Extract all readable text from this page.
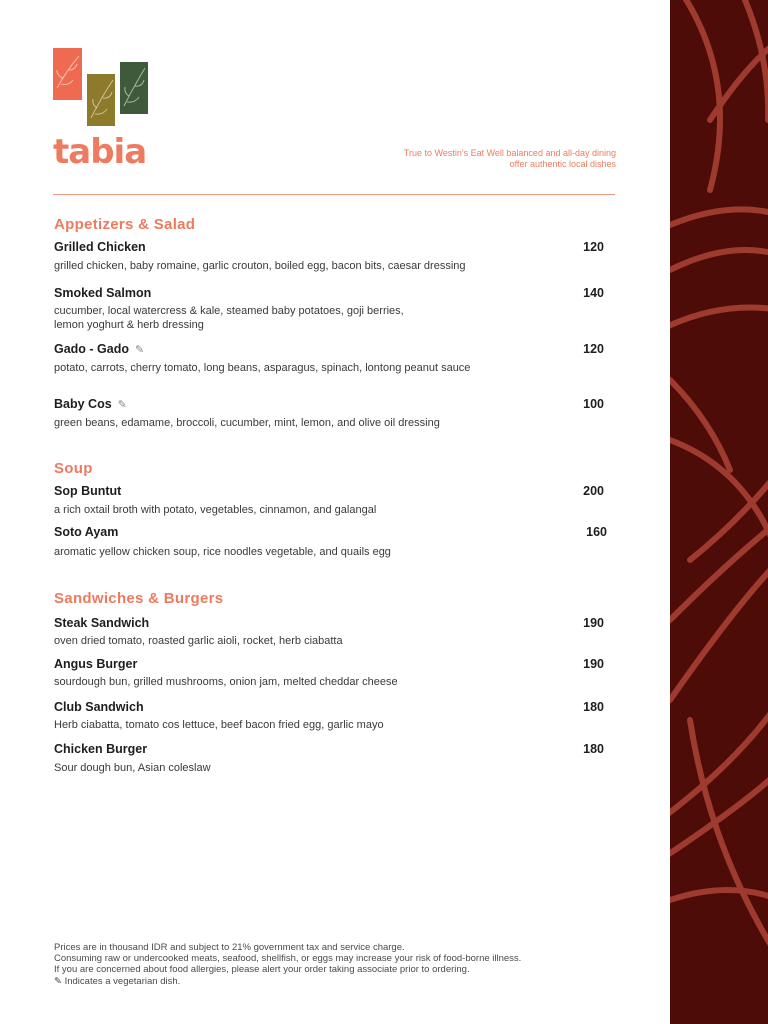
tabia	True to Westin's Eat Well balanced and all-day dining
offer authentic local dishes
Appetizers & Salad
Grilled Chicken	120
grilled chicken, baby romaine, garlic crouton, boiled egg, bacon bits, caesar dressing
Smoked Salmon	140
cucumber, local watercress & kale, steamed baby potatoes, goji berries,
lemon yoghurt & herb dressing
Gado - Gado ✎	120
potato, carrots, cherry tomato, long beans, asparagus, spinach, lontong peanut sauce
Baby Cos ✎	100
green beans, edamame, broccoli, cucumber, mint, lemon, and olive oil dressing
Soup
Sop Buntut	200
a rich oxtail broth with potato, vegetables, cinnamon, and galangal
Soto Ayam	160
aromatic yellow chicken soup, rice noodles vegetable, and quails egg
Sandwiches & Burgers
Steak Sandwich	190
oven dried tomato, roasted garlic aioli, rocket, herb ciabatta
Angus Burger	190
sourdough bun, grilled mushrooms, onion jam, melted cheddar cheese
Club Sandwich	180
Herb ciabatta, tomato cos lettuce, beef bacon fried egg, garlic mayo
Chicken Burger	180
Sour dough bun, Asian coleslaw
Prices are in thousand IDR and subject to 21% government tax and service charge.
Consuming raw or undercooked meats, seafood, shellfish, or eggs may increase your risk of food-borne illness.
If you are concerned about food allergies, please alert your order taking associate prior to ordering.
✎ Indicates a vegetarian dish.
